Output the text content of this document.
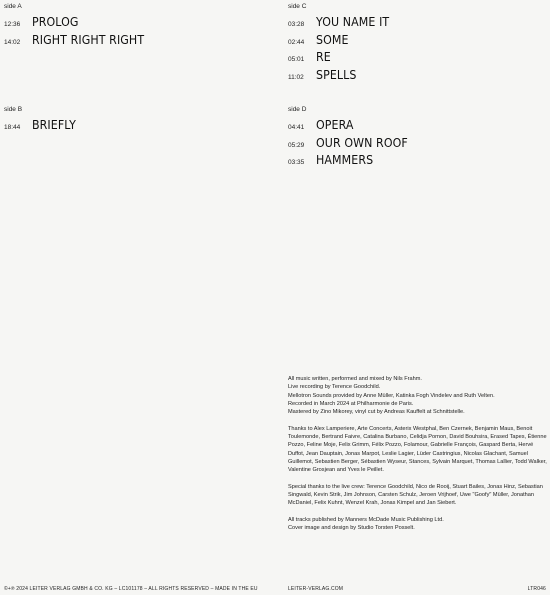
side A
12:36 PROLOG
14:02 RIGHT RIGHT RIGHT
side C
03:28 YOU NAME IT
02:44 SOME
05:01 RE
11:02	SPELLS
side B
18:44 BRIEFLY
side D
04:41 OPERA
05:29 OUR OWN ROOF
03:35 HAMMERS

All music written, performed and mixed by Nils Frahm.
Live recording by Terence Goodchild.
Mellotron Sounds provided by Anne Müller, Katinka Fogh Vindelev and Ruth Velten.
Recorded in March 2024 at Philharmonie de Paris.
Mastered by Zino Mikorey, vinyl cut by Andreas Kauffelt at Schnittstelle.

Thanks to Alex Lamperiere, Arte Concerts, Asterix Westphal, Ben Czernek, Benjamin Maus, Benoit Toulemonde, Bertrand Faivre, Catalina Burbano, Celidja Pornon, David Bouhsira, Erased Tapes, Étienne Pozzo, Feline Moje, Felix Grimm, Félix Pozzo, Folamour, Gabrielle François, Gaspard Berta, Hervé Duffot, Jean Dauptain, Jonas Marpot, Leslie Lagier, Lüder Castringius, Nicolas Glachant, Samuel Guillemot, Sebastien Berger, Sébastien Wyseur, Stances, Sylvain Marquet, Thomas Lallier, Todd Walker, Valentine Grosjean and Yves le Peillet.

Special thanks to the live crew: Terence Goodchild, Nico de Rooij, Stuart Bailes, Jonas Hinz, Sebastian Singwald, Kevin Strik, Jim Johnson, Carsten Schulz, Jeroen Vrijhoef, Uwe "Goofy" Müller, Jonathan McDaniel, Felix Kuhnt, Wenzel Krah, Jonas Kimpel and Jan Siebert.

All tracks published by Manners McDade Music Publishing Ltd.
Cover image and design by Studio Torsten Posselt.

©+℗ 2024 LEITER VERLAG GMBH & CO. KG – LC101178 – ALL RIGHTS RESERVED – MADE IN THE EU	LEITER-VERLAG.COM	LTR046
